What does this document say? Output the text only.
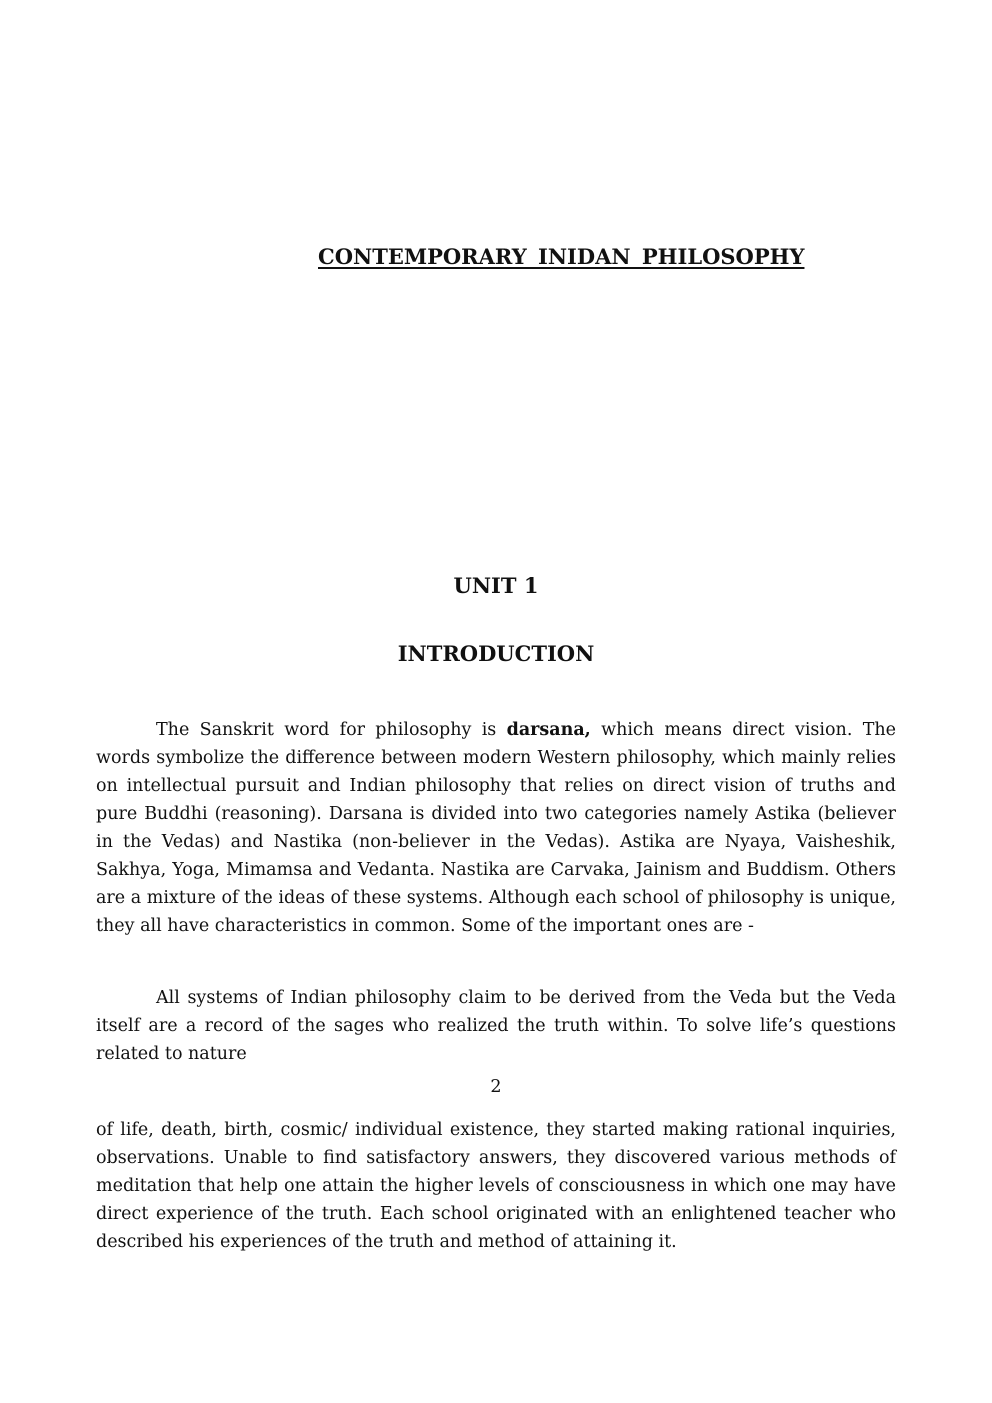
CONTEMPORARY INIDAN PHILOSOPHY
UNIT 1
INTRODUCTION

The Sanskrit word for philosophy is darsana, which means direct vision. The words symbolize the difference between modern Western philosophy, which mainly relies on intellectual pursuit and Indian philosophy that relies on direct vision of truths and pure Buddhi (reasoning). Darsana is divided into two categories namely Astika (believer in the Vedas) and Nastika (non-believer in the Vedas). Astika are Nyaya, Vaisheshik, Sakhya, Yoga, Mimamsa and Vedanta. Nastika are Carvaka, Jainism and Buddism. Others are a mixture of the ideas of these systems. Although each school of philosophy is unique, they all have characteristics in common. Some of the important ones are -

All systems of Indian philosophy claim to be derived from the Veda but the Veda itself are a record of the sages who realized the truth within. To solve life’s questions related to nature

2

of life, death, birth, cosmic/ individual existence, they started making rational inquiries, observations. Unable to find satisfactory answers, they discovered various methods of meditation that help one attain the higher levels of consciousness in which one may have direct experience of the truth. Each school originated with an enlightened teacher who described his experiences of the truth and method of attaining it.
